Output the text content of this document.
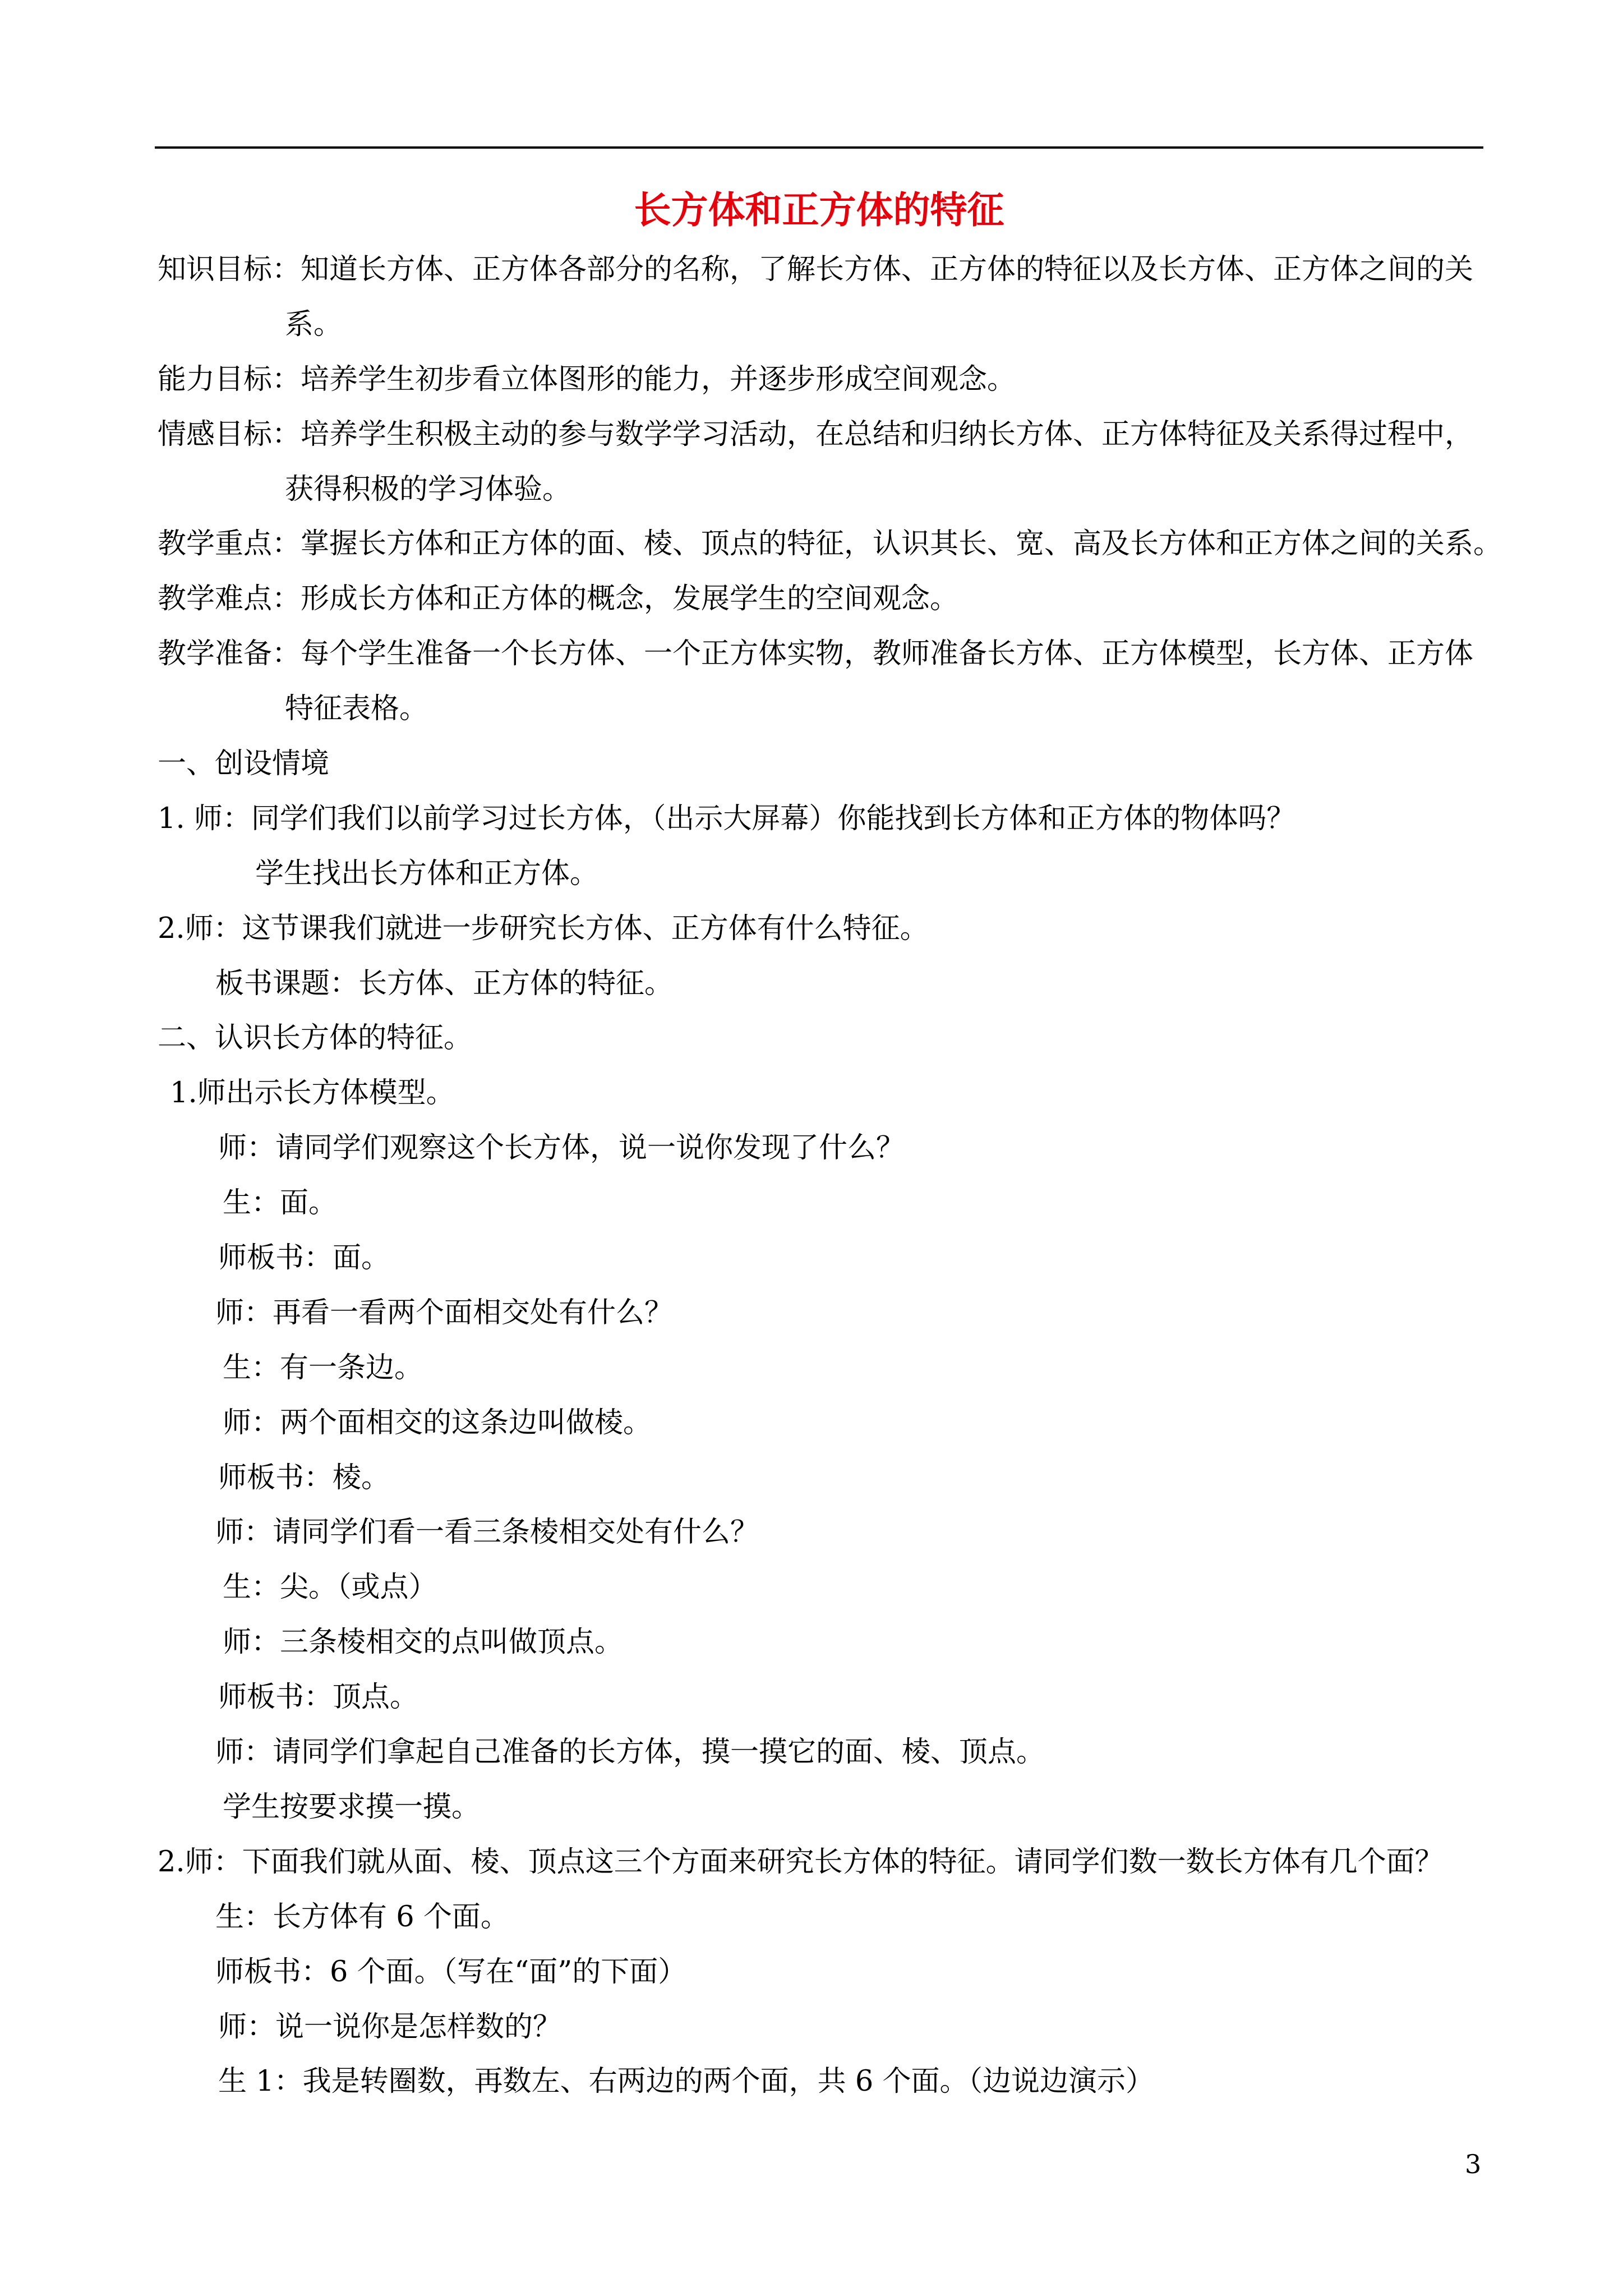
长方体和正方体的特征
知识目标：知道长方体、正方体各部分的名称，了解长方体、正方体的特征以及长方体、正方体之间的关
系。
能力目标：培养学生初步看立体图形的能力，并逐步形成空间观念。
情感目标：培养学生积极主动的参与数学学习活动，在总结和归纳长方体、正方体特征及关系得过程中，
获得积极的学习体验。
教学重点：掌握长方体和正方体的面、棱、顶点的特征，认识其长、宽、高及长方体和正方体之间的关系。
教学难点：形成长方体和正方体的概念，发展学生的空间观念。
教学准备：每个学生准备一个长方体、一个正方体实物，教师准备长方体、正方体模型，长方体、正方体
特征表格。
一、创设情境
1. 师：同学们我们以前学习过长方体，（出示大屏幕）你能找到长方体和正方体的物体吗？
学生找出长方体和正方体。
2.师：这节课我们就进一步研究长方体、正方体有什么特征。
板书课题：长方体、正方体的特征。
二、认识长方体的特征。
1.师出示长方体模型。
师：请同学们观察这个长方体，说一说你发现了什么？
生：面。
师板书：面。
师：再看一看两个面相交处有什么？
生：有一条边。
师：两个面相交的这条边叫做棱。
师板书：棱。
师：请同学们看一看三条棱相交处有什么？
生：尖。（或点）
师：三条棱相交的点叫做顶点。
师板书：顶点。
师：请同学们拿起自己准备的长方体，摸一摸它的面、棱、顶点。
学生按要求摸一摸。
2.师：下面我们就从面、棱、顶点这三个方面来研究长方体的特征。请同学们数一数长方体有几个面？
生：长方体有 6 个面。
师板书：6 个面。（写在“面”的下面）
师：说一说你是怎样数的？
生 1：我是转圈数，再数左、右两边的两个面，共 6 个面。（边说边演示）
3
